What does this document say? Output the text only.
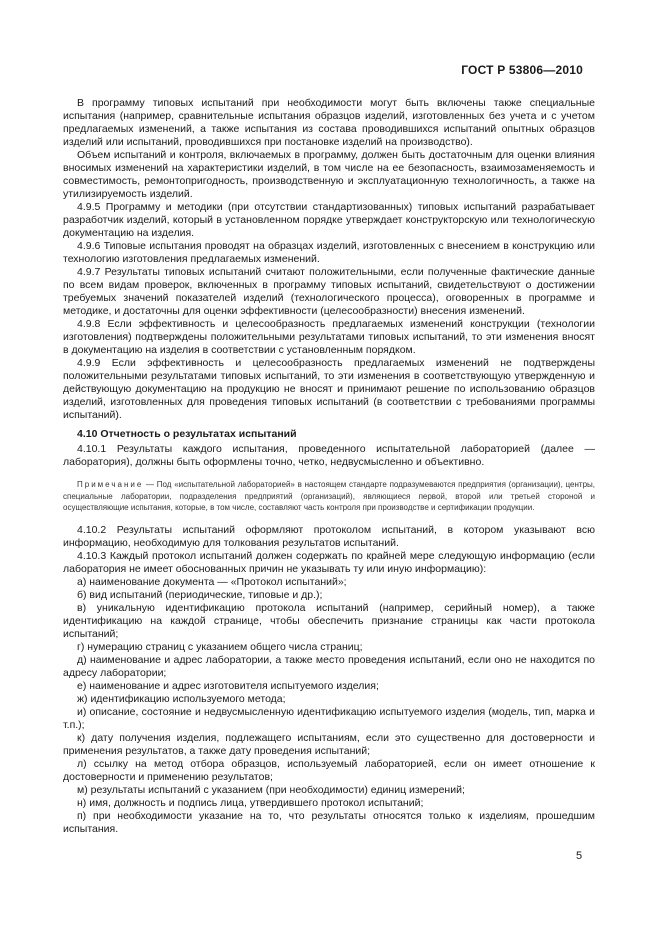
ГОСТ Р 53806—2010

В программу типовых испытаний при необходимости могут быть включены также специальные испытания (например, сравнительные испытания образцов изделий, изготовленных без учета и с учетом предлагаемых изменений, а также испытания из состава проводившихся испытаний опытных образцов изделий или испытаний, проводившихся при постановке изделий на производство).

Объем испытаний и контроля, включаемых в программу, должен быть достаточным для оценки влияния вносимых изменений на характеристики изделий, в том числе на ее безопасность, взаимозаменяемость и совместимость, ремонтопригодность, производственную и эксплуатационную технологичность, а также на утилизируемость изделий.

4.9.5 Программу и методики (при отсутствии стандартизованных) типовых испытаний разрабатывает разработчик изделий, который в установленном порядке утверждает конструкторскую или технологическую документацию на изделия.

4.9.6 Типовые испытания проводят на образцах изделий, изготовленных с внесением в конструкцию или технологию изготовления предлагаемых изменений.

4.9.7 Результаты типовых испытаний считают положительными, если полученные фактические данные по всем видам проверок, включенных в программу типовых испытаний, свидетельствуют о достижении требуемых значений показателей изделий (технологического процесса), оговоренных в программе и методике, и достаточны для оценки эффективности (целесообразности) внесения изменений.

4.9.8 Если эффективность и целесообразность предлагаемых изменений конструкции (технологии изготовления) подтверждены положительными результатами типовых испытаний, то эти изменения вносят в документацию на изделия в соответствии с установленным порядком.

4.9.9 Если эффективность и целесообразность предлагаемых изменений не подтверждены положительными результатами типовых испытаний, то эти изменения в соответствующую утвержденную и действующую документацию на продукцию не вносят и принимают решение по использованию образцов изделий, изготовленных для проведения типовых испытаний (в соответствии с требованиями программы испытаний).

4.10 Отчетность о результатах испытаний

4.10.1 Результаты каждого испытания, проведенного испытательной лабораторией (далее — лаборатория), должны быть оформлены точно, четко, недвусмысленно и объективно.

Примечание — Под «испытательной лабораторией» в настоящем стандарте подразумеваются предприятия (организации), центры, специальные лаборатории, подразделения предприятий (организаций), являющиеся первой, второй или третьей стороной и осуществляющие испытания, которые, в том числе, составляют часть контроля при производстве и сертификации продукции.

4.10.2 Результаты испытаний оформляют протоколом испытаний, в котором указывают всю информацию, необходимую для толкования результатов испытаний.

4.10.3 Каждый протокол испытаний должен содержать по крайней мере следующую информацию (если лаборатория не имеет обоснованных причин не указывать ту или иную информацию):

а) наименование документа — «Протокол испытаний»;

б) вид испытаний (периодические, типовые и др.);

в) уникальную идентификацию протокола испытаний (например, серийный номер), а также идентификацию на каждой странице, чтобы обеспечить признание страницы как части протокола испытаний;

г) нумерацию страниц с указанием общего числа страниц;

д) наименование и адрес лаборатории, а также место проведения испытаний, если оно не находится по адресу лаборатории;

е) наименование и адрес изготовителя испытуемого изделия;

ж) идентификацию используемого метода;

и) описание, состояние и недвусмысленную идентификацию испытуемого изделия (модель, тип, марка и т.п.);

к) дату получения изделия, подлежащего испытаниям, если это существенно для достоверности и применения результатов, а также дату проведения испытаний;

л) ссылку на метод отбора образцов, используемый лабораторией, если он имеет отношение к достоверности и применению результатов;

м) результаты испытаний с указанием (при необходимости) единиц измерений;

н) имя, должность и подпись лица, утвердившего протокол испытаний;

п) при необходимости указание на то, что результаты относятся только к изделиям, прошедшим испытания.

5
